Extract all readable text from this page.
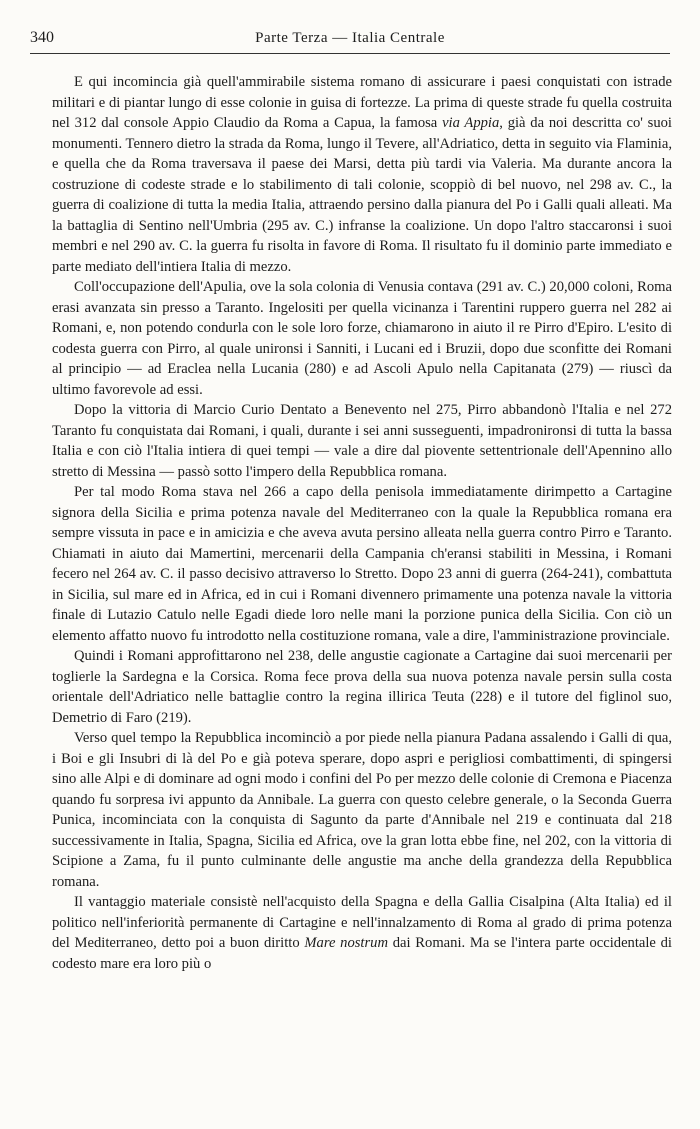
340	Parte Terza — Italia Centrale

E qui incomincia già quell'ammirabile sistema romano di assicurare i paesi conquistati con istrade militari e di piantar lungo di esse colonie in guisa di fortezze. La prima di queste strade fu quella costruita nel 312 dal console Appio Claudio da Roma a Capua, la famosa via Appia, già da noi descritta co' suoi monumenti. Tennero dietro la strada da Roma, lungo il Tevere, all'Adriatico, detta in seguito via Flaminia, e quella che da Roma traversava il paese dei Marsi, detta più tardi via Valeria. Ma durante ancora la costruzione di codeste strade e lo stabilimento di tali colonie, scoppiò di bel nuovo, nel 298 av. C., la guerra di coalizione di tutta la media Italia, attraendo persino dalla pianura del Po i Galli quali alleati. Ma la battaglia di Sentino nell'Umbria (295 av. C.) infranse la coalizione. Un dopo l'altro staccaronsi i suoi membri e nel 290 av. C. la guerra fu risolta in favore di Roma. Il risultato fu il dominio parte immediato e parte mediato dell'intiera Italia di mezzo.

Coll'occupazione dell'Apulia, ove la sola colonia di Venusia contava (291 av. C.) 20,000 coloni, Roma erasi avanzata sin presso a Taranto. Ingelositi per quella vicinanza i Tarentini ruppero guerra nel 282 ai Romani, e, non potendo condurla con le sole loro forze, chiamarono in aiuto il re Pirro d'Epiro. L'esito di codesta guerra con Pirro, al quale unironsi i Sanniti, i Lucani ed i Bruzii, dopo due sconfitte dei Romani al principio — ad Eraclea nella Lucania (280) e ad Ascoli Apulo nella Capitanata (279) — riuscì da ultimo favorevole ad essi.

Dopo la vittoria di Marcio Curio Dentato a Benevento nel 275, Pirro abbandonò l'Italia e nel 272 Taranto fu conquistata dai Romani, i quali, durante i sei anni susseguenti, impadronironsi di tutta la bassa Italia e con ciò l'Italia intiera di quei tempi — vale a dire dal piovente settentrionale dell'Apennino allo stretto di Messina — passò sotto l'impero della Repubblica romana.

Per tal modo Roma stava nel 266 a capo della penisola immediatamente dirimpetto a Cartagine signora della Sicilia e prima potenza navale del Mediterraneo con la quale la Repubblica romana era sempre vissuta in pace e in amicizia e che aveva avuta persino alleata nella guerra contro Pirro e Taranto. Chiamati in aiuto dai Mamertini, mercenarii della Campania ch'eransi stabiliti in Messina, i Romani fecero nel 264 av. C. il passo decisivo attraverso lo Stretto. Dopo 23 anni di guerra (264-241), combattuta in Sicilia, sul mare ed in Africa, ed in cui i Romani divennero primamente una potenza navale la vittoria finale di Lutazio Catulo nelle Egadi diede loro nelle mani la porzione punica della Sicilia. Con ciò un elemento affatto nuovo fu introdotto nella costituzione romana, vale a dire, l'amministrazione provinciale.

Quindi i Romani approfittarono nel 238, delle angustie cagionate a Cartagine dai suoi mercenarii per toglierle la Sardegna e la Corsica. Roma fece prova della sua nuova potenza navale persin sulla costa orientale dell'Adriatico nelle battaglie contro la regina illirica Teuta (228) e il tutore del figlinol suo, Demetrio di Faro (219).

Verso quel tempo la Repubblica incominciò a por piede nella pianura Padana assalendo i Galli di qua, i Boi e gli Insubri di là del Po e già poteva sperare, dopo aspri e perigliosi combattimenti, di spingersi sino alle Alpi e di dominare ad ogni modo i confini del Po per mezzo delle colonie di Cremona e Piacenza quando fu sorpresa ivi appunto da Annibale. La guerra con questo celebre generale, o la Seconda Guerra Punica, incominciata con la conquista di Sagunto da parte d'Annibale nel 219 e continuata dal 218 successivamente in Italia, Spagna, Sicilia ed Africa, ove la gran lotta ebbe fine, nel 202, con la vittoria di Scipione a Zama, fu il punto culminante delle angustie ma anche della grandezza della Repubblica romana.

Il vantaggio materiale consistè nell'acquisto della Spagna e della Gallia Cisalpina (Alta Italia) ed il politico nell'inferiorità permanente di Cartagine e nell'innalzamento di Roma al grado di prima potenza del Mediterraneo, detto poi a buon diritto Mare nostrum dai Romani. Ma se l'intera parte occidentale di codesto mare era loro più o
